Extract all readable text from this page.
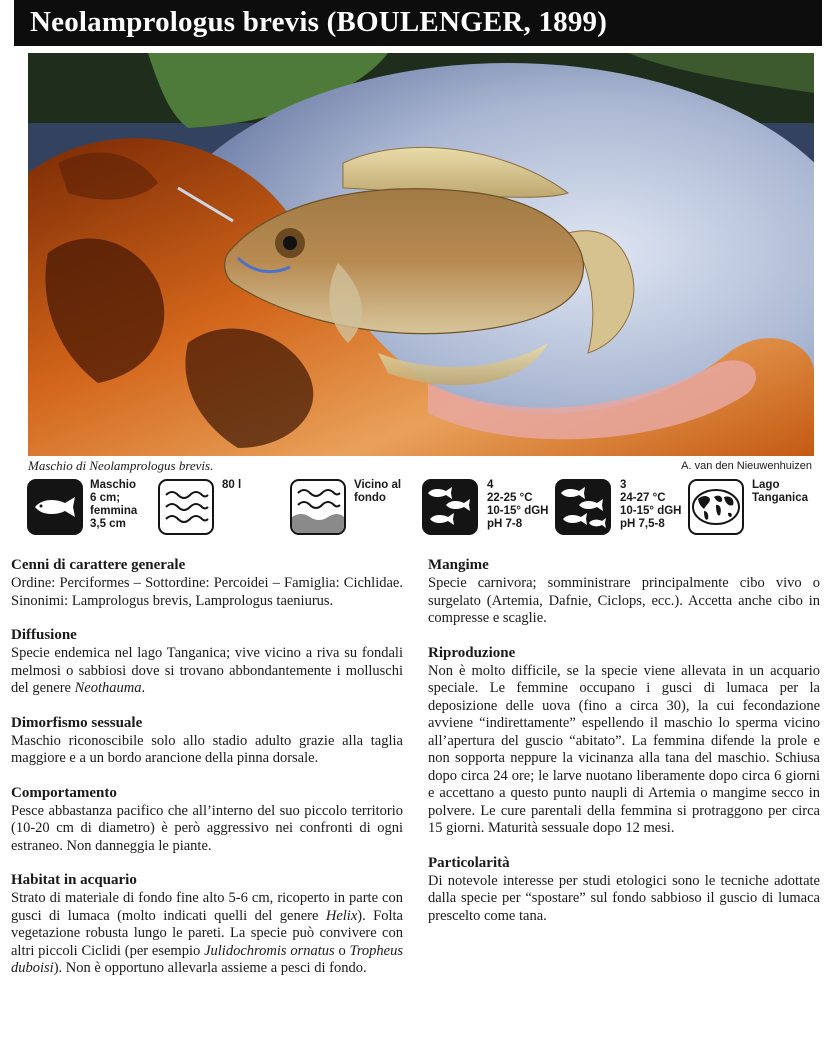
Neolamprologus brevis (BOULENGER, 1899)
Maschio di Neolamprologus brevis.	A. van den Nieuwenhuizen
Maschio
6 cm;
femmina
3,5 cm
80 l	Vicino al
fondo
4
22-25 °C
10-15° dGH
pH 7-8
3
24-27 °C
10-15° dGH
pH 7,5-8
Lago
Tanganica
Cenni di carattere generale

Ordine: Perciformes – Sottordine: Percoidei – Famiglia: Cichlidae. Sinonimi: Lamprologus brevis, Lamprologus taeniurus.

Diffusione

Specie endemica nel lago Tanganica; vive vicino a riva su fondali melmosi o sabbiosi dove si trovano abbondantemente i molluschi del genere Neothauma.

Dimorfismo sessuale

Maschio riconoscibile solo allo stadio adulto grazie alla taglia maggiore e a un bordo arancione della pinna dorsale.

Comportamento

Pesce abbastanza pacifico che all’interno del suo piccolo territorio (10-20 cm di diametro) è però aggressivo nei confronti di ogni estraneo. Non danneggia le piante.

Habitat in acquario

Strato di materiale di fondo fine alto 5-6 cm, ricoperto in parte con gusci di lumaca (molto indicati quelli del genere Helix). Folta vegetazione robusta lungo le pareti. La specie può convivere con altri piccoli Ciclidi (per esempio Julidochromis ornatus o Tropheus duboisi). Non è opportuno allevarla assieme a pesci di fondo.

Mangime

Specie carnivora; somministrare principalmente cibo vivo o surgelato (Artemia, Dafnie, Ciclops, ecc.). Accetta anche cibo in compresse e scaglie.

Riproduzione

Non è molto difficile, se la specie viene allevata in un acquario speciale. Le femmine occupano i gusci di lumaca per la deposizione delle uova (fino a circa 30), la cui fecondazione avviene “indirettamente” espellendo il maschio lo sperma vicino all’apertura del guscio “abitato”. La femmina difende la prole e non sopporta neppure la vicinanza alla tana del maschio. Schiusa dopo circa 24 ore; le larve nuotano liberamente dopo circa 6 giorni e accettano a questo punto naupli di Artemia o mangime secco in polvere. Le cure parentali della femmina si protraggono per circa 15 giorni. Maturità sessuale dopo 12 mesi.

Particolarità

Di notevole interesse per studi etologici sono le tecniche adottate dalla specie per “spostare” sul fondo sabbioso il guscio di lumaca prescelto come tana.
